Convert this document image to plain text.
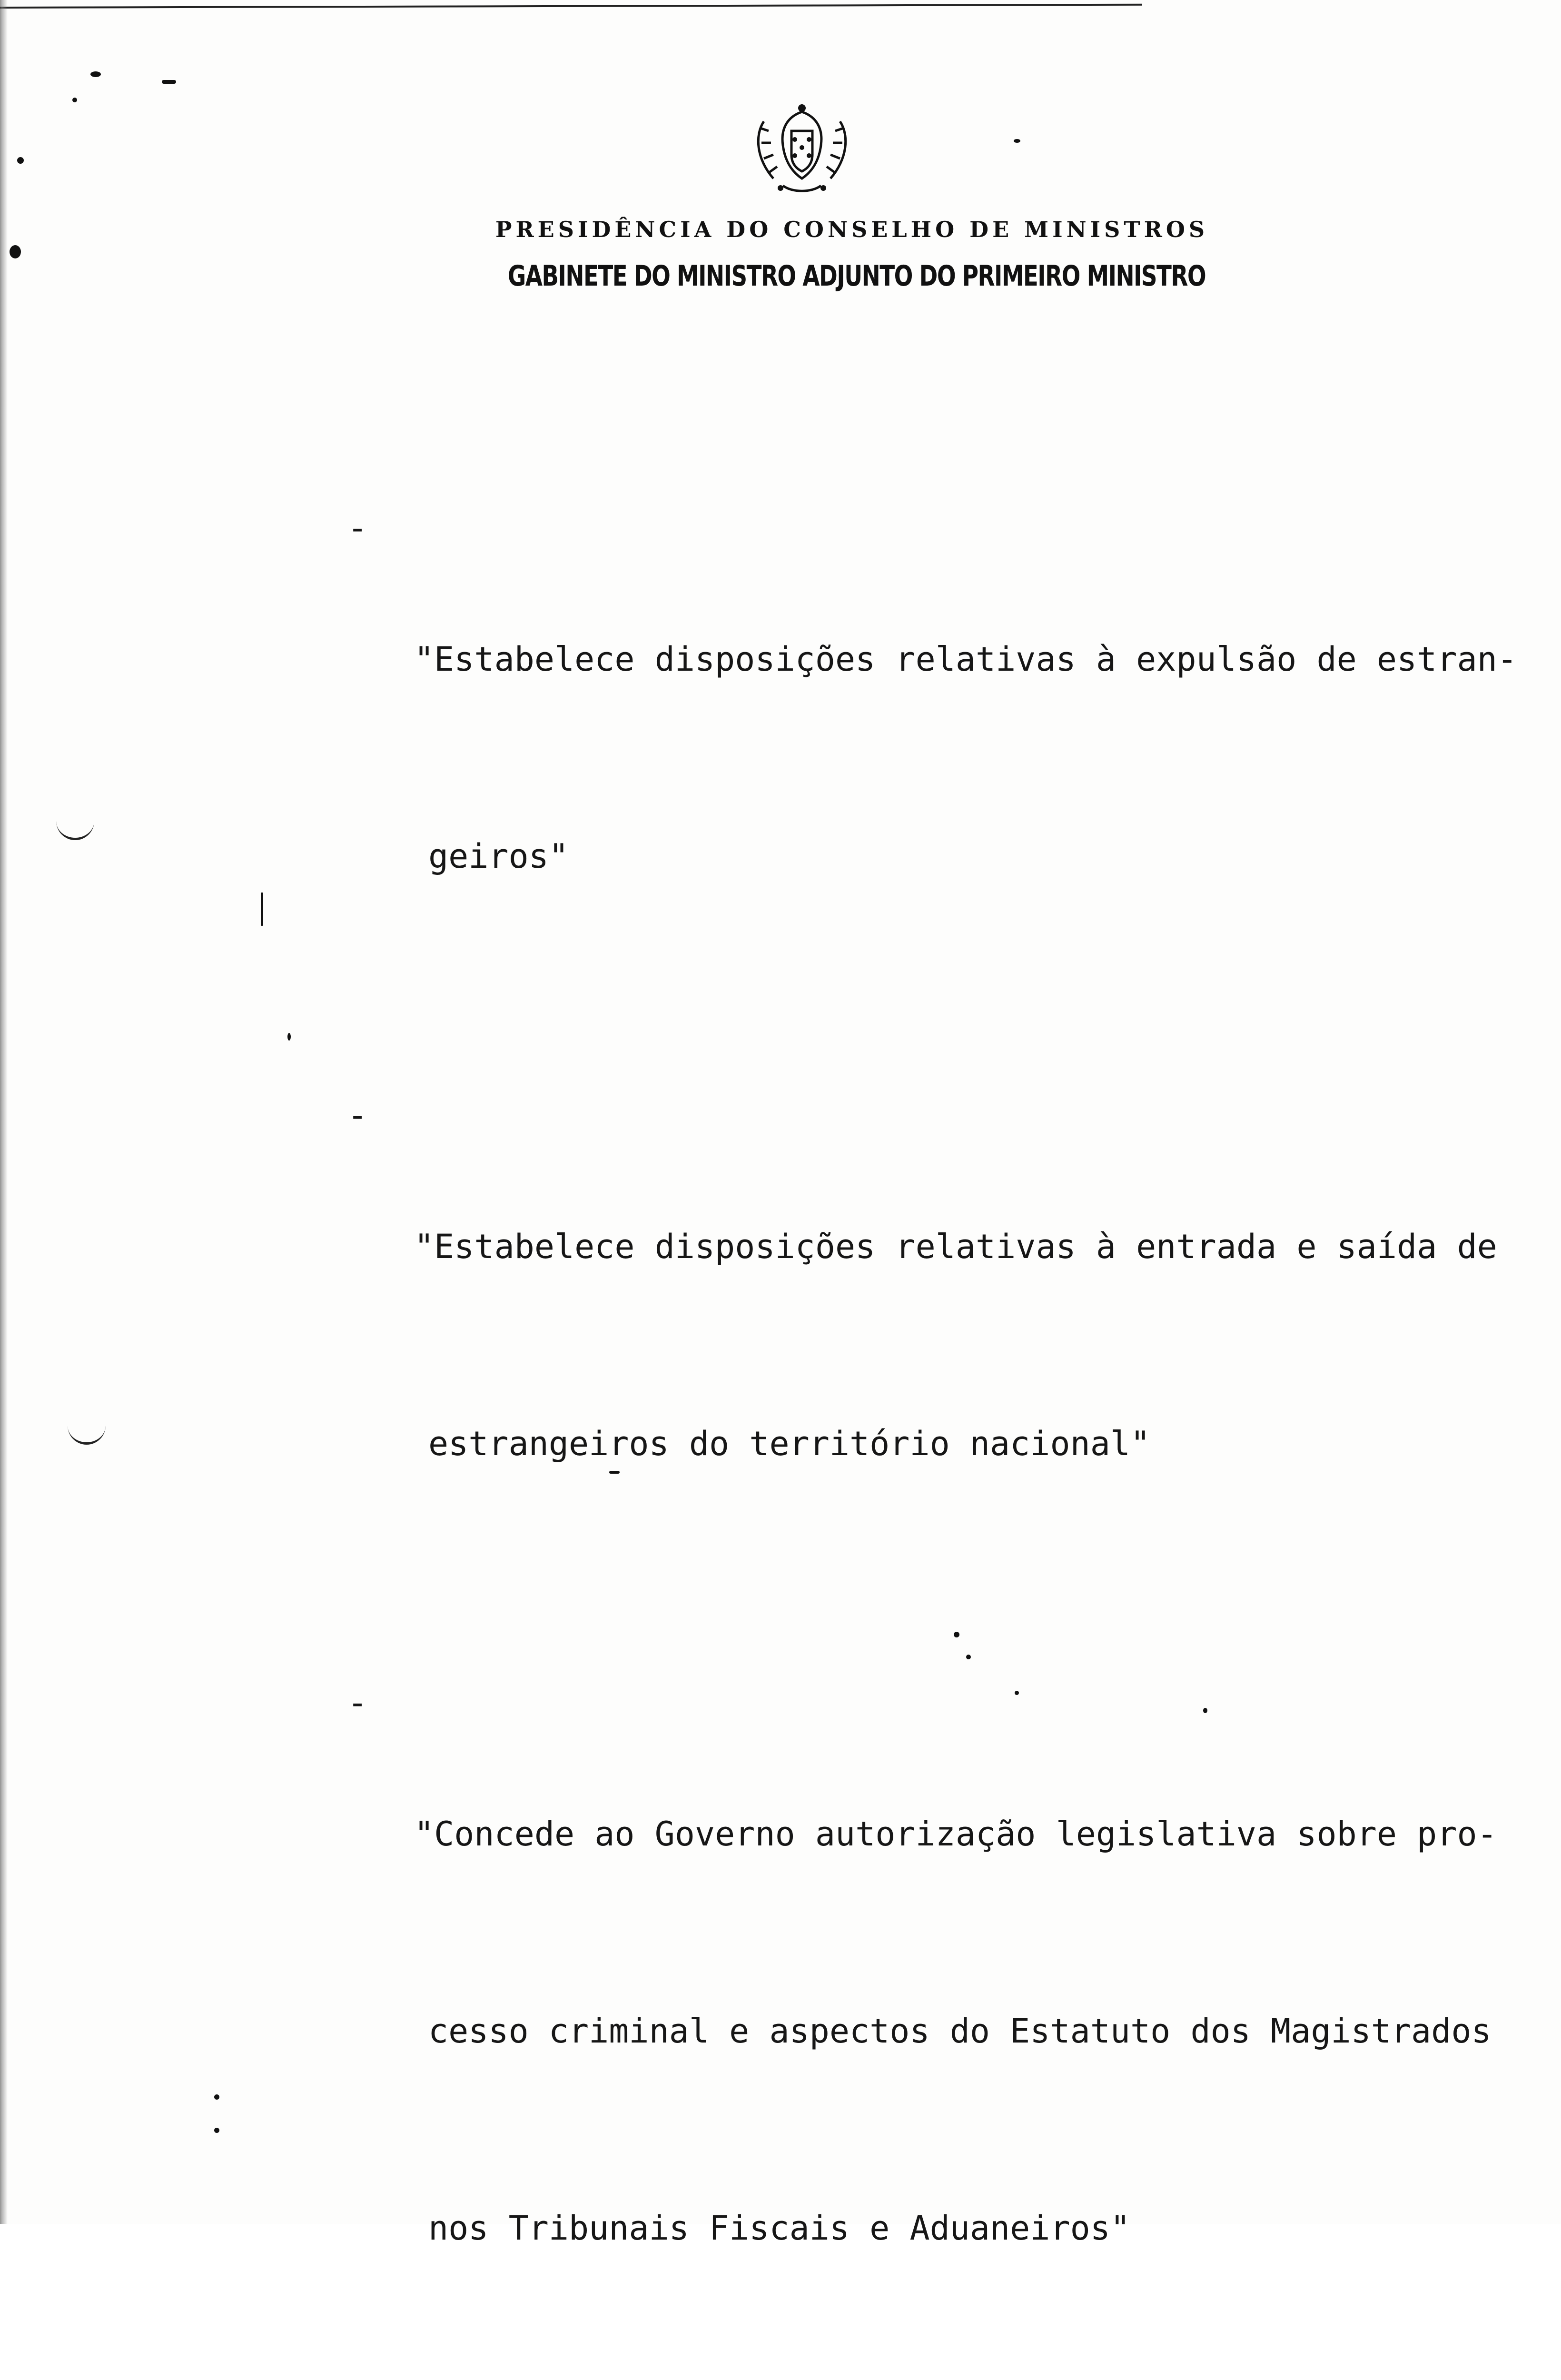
PRESIDÊNCIA DO CONSELHO DE MINISTROS
GABINETE DO MINISTRO ADJUNTO DO PRIMEIRO MINISTRO
-

"Estabelece disposições relativas à expulsão de estran-

geiros"

-

"Estabelece disposições relativas à entrada e saída de

estrangeiros do território nacional"

-

"Concede ao Governo autorização legislativa sobre pro-

cesso criminal e aspectos do Estatuto dos Magistrados

nos Tribunais Fiscais e Aduaneiros"
